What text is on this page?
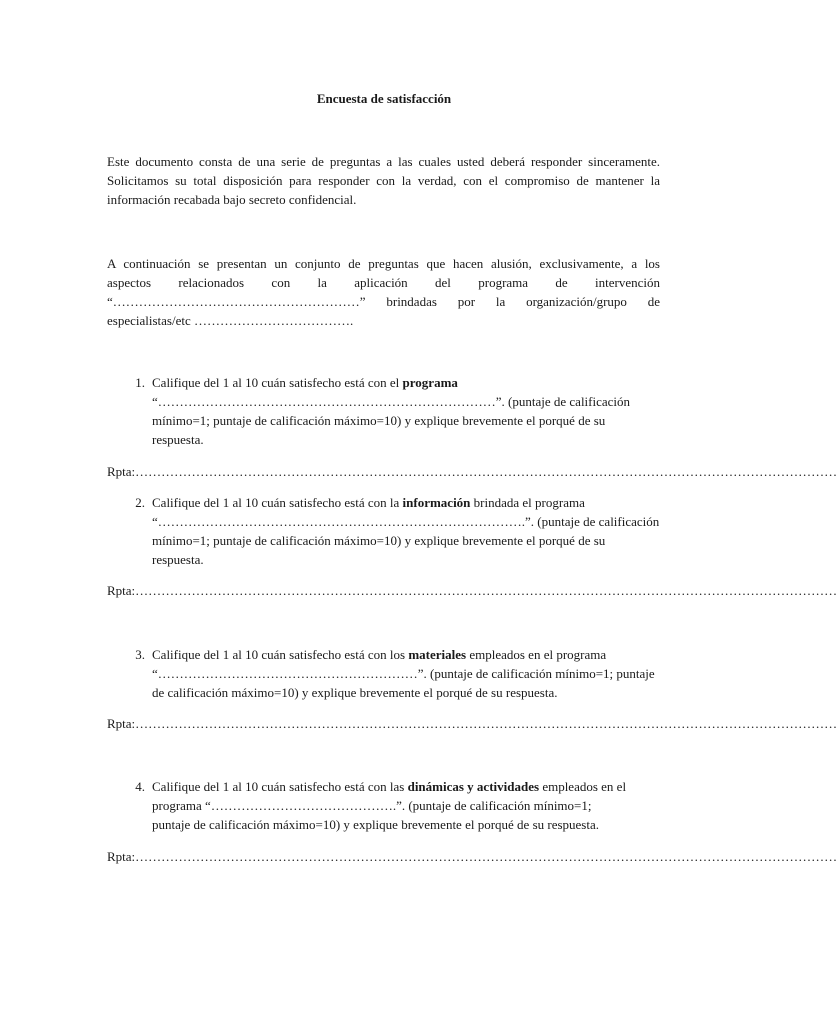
Encuesta de satisfacción
Este documento consta de una serie de preguntas a las cuales usted deberá responder sinceramente.
Solicitamos su total disposición para responder con la verdad, con el compromiso de mantener la
información recabada bajo secreto confidencial.
A continuación se presentan un conjunto de preguntas que hacen alusión, exclusivamente, a los
aspectos relacionados con la aplicación del programa de intervención
“…………………………………………………” brindadas por la organización/grupo de
especialistas/etc ……………………………….
1. Califique del 1 al 10 cuán satisfecho está con el programa
“……………………………………………………………………”. (puntaje de calificación
mínimo=1; puntaje de calificación máximo=10) y explique brevemente el porqué de su
respuesta.
Rpta:………………………………………………………………………………………………………………………………………………
2. Califique del 1 al 10 cuán satisfecho está con la información brindada el programa
“………………………………………………………………………….”. (puntaje de calificación
mínimo=1; puntaje de calificación máximo=10) y explique brevemente el porqué de su
respuesta.
Rpta:………………………………………………………………………………………………………………………………………………
3. Califique del 1 al 10 cuán satisfecho está con los materiales empleados en el programa
“……………………………………………………”. (puntaje de calificación mínimo=1; puntaje
de calificación máximo=10) y explique brevemente el porqué de su respuesta.
Rpta:………………………………………………………………………………………………………………………………………………
4. Califique del 1 al 10 cuán satisfecho está con las dinámicas y actividades empleados en el
programa “…………………………………….”. (puntaje de calificación mínimo=1;
puntaje de calificación máximo=10) y explique brevemente el porqué de su respuesta.
Rpta:………………………………………………………………………………………………………………………………………………
